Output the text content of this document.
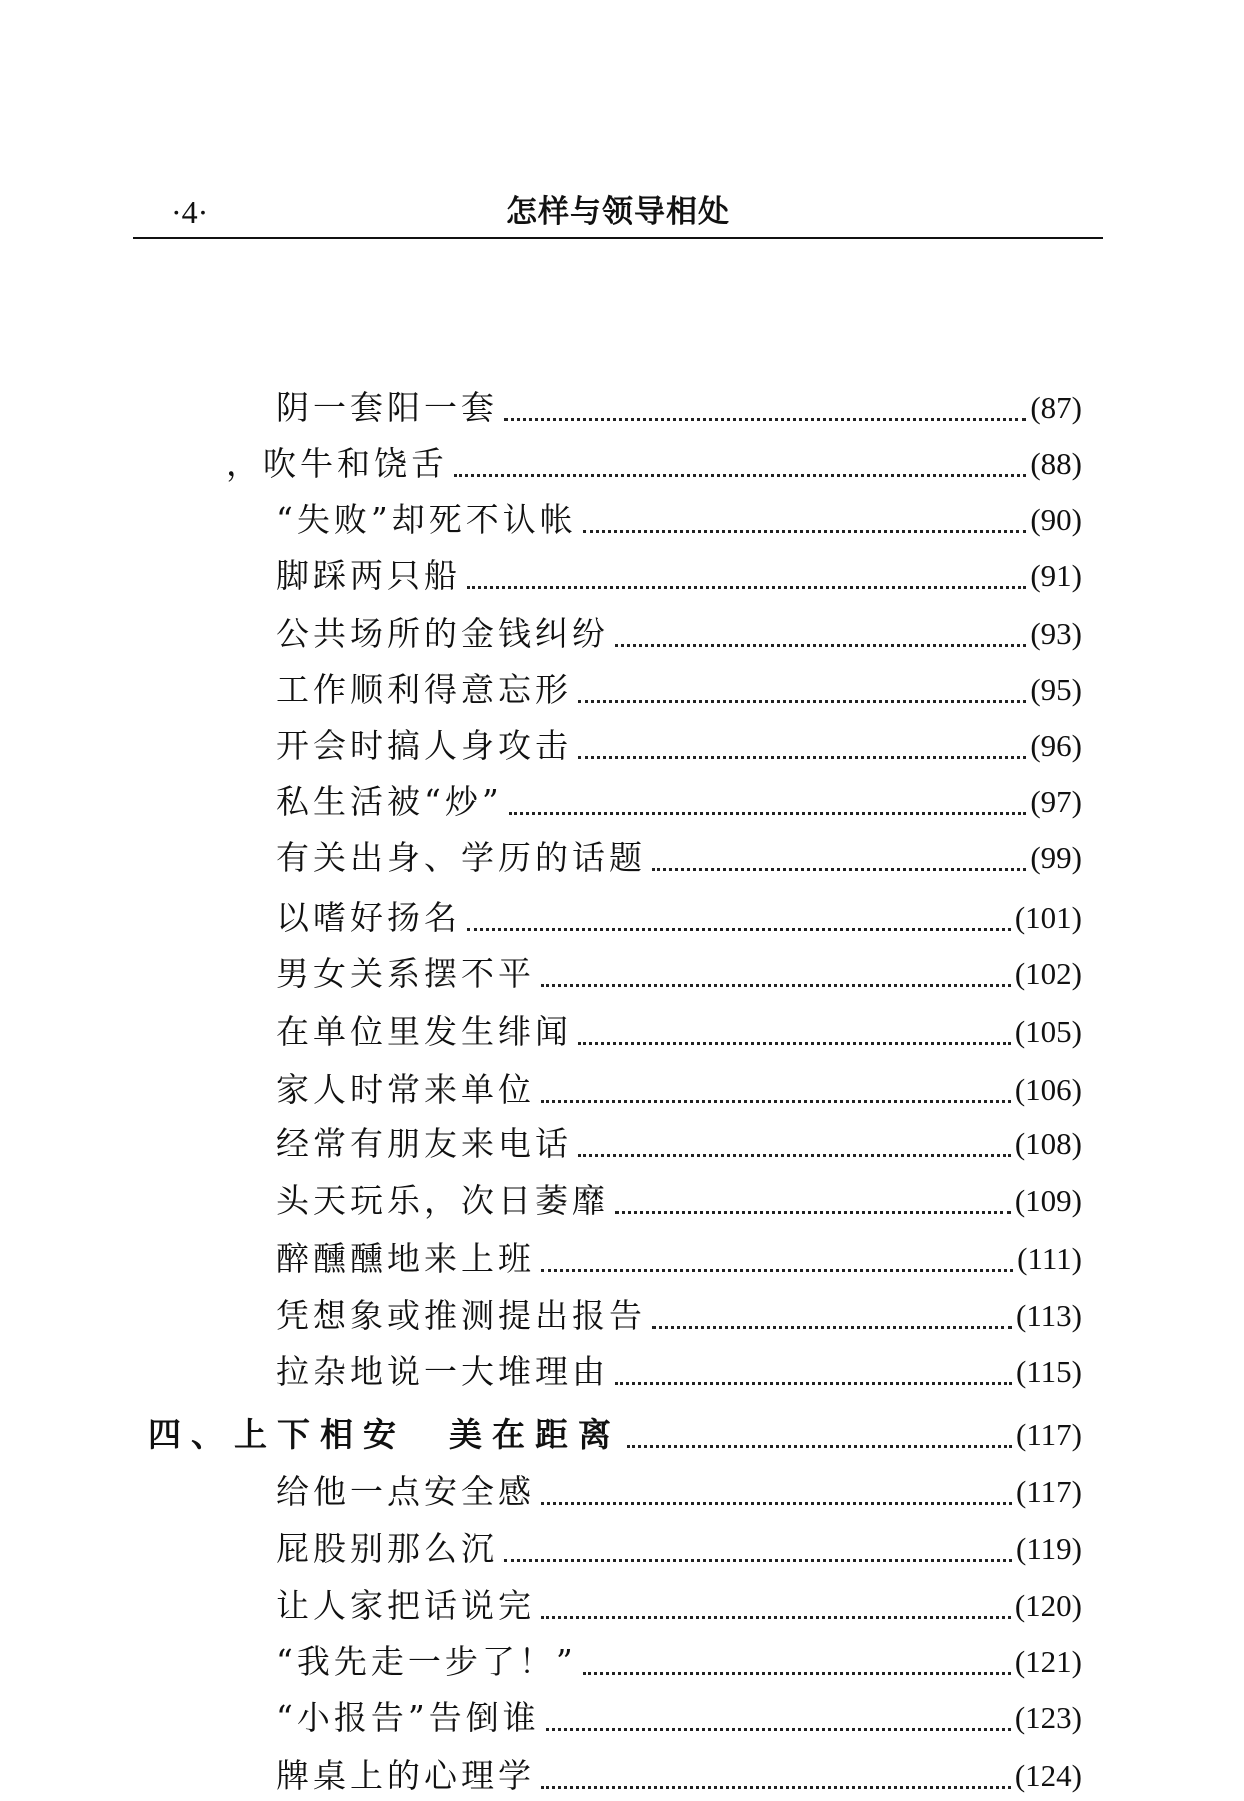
·4·	怎样与领导相处
阴一套阳一套	(87)
，吹牛和饶舌	(88)
“失败”却死不认帐	(90)
脚踩两只船	(91)
公共场所的金钱纠纷	(93)
工作顺利得意忘形	(95)
开会时搞人身攻击	(96)
私生活被“炒”	(97)
有关出身、学历的话题	(99)
以嗜好扬名	(101)
男女关系摆不平	(102)
在单位里发生绯闻	(105)
家人时常来单位	(106)
经常有朋友来电话	(108)
头天玩乐，次日萎靡	(109)
醉醺醺地来上班	(111)
凭想象或推测提出报告	(113)
拉杂地说一大堆理由	(115)
四、上下相安　美在距离	(117)
给他一点安全感	(117)
屁股别那么沉	(119)
让人家把话说完	(120)
“我先走一步了！”	(121)
“小报告”告倒谁	(123)
牌桌上的心理学	(124)
